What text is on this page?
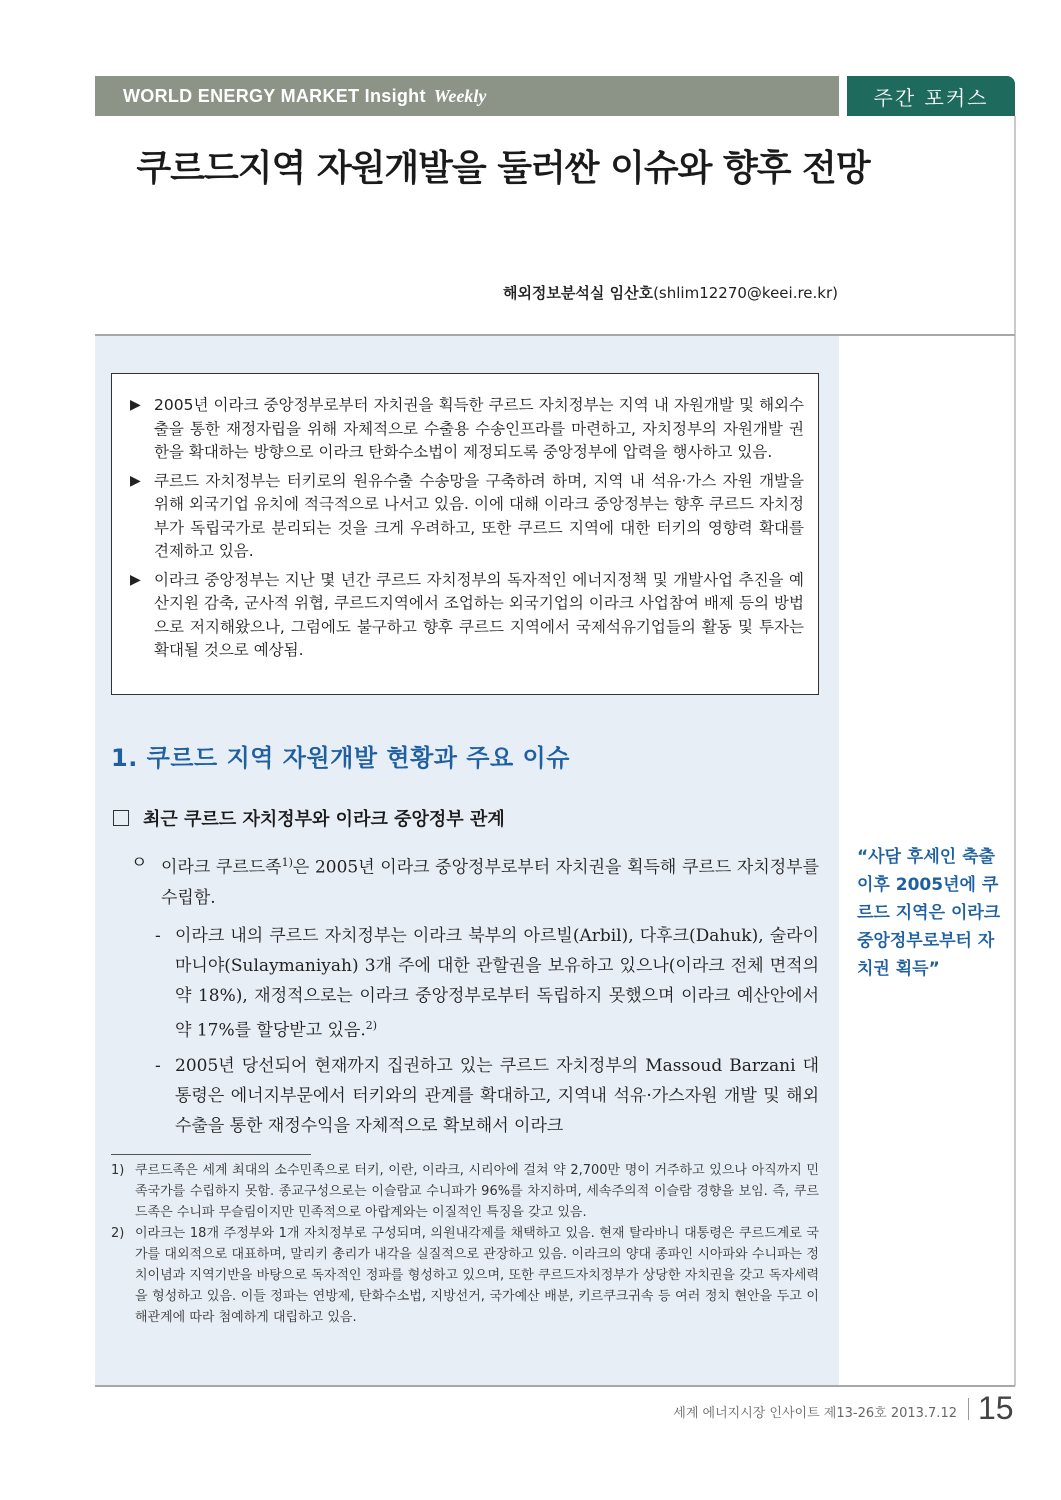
WORLD ENERGY MARKET Insight Weekly	주간 포커스
쿠르드지역 자원개발을 둘러싼 이슈와 향후 전망
해외정보분석실 임산호(shlim12270@keei.re.kr)
▶ 2005년 이라크 중앙정부로부터 자치권을 획득한 쿠르드 자치정부는 지역 내 자원개발 및 해외수출을 통한 재정자립을 위해 자체적으로 수출용 수송인프라를 마련하고, 자치정부의 자원개발 권한을 확대하는 방향으로 이라크 탄화수소법이 제정되도록 중앙정부에 압력을 행사하고 있음.
▶ 쿠르드 자치정부는 터키로의 원유수출 수송망을 구축하려 하며, 지역 내 석유·가스 자원 개발을 위해 외국기업 유치에 적극적으로 나서고 있음. 이에 대해 이라크 중앙정부는 향후 쿠르드 자치정부가 독립국가로 분리되는 것을 크게 우려하고, 또한 쿠르드 지역에 대한 터키의 영향력 확대를 견제하고 있음.
▶ 이라크 중앙정부는 지난 몇 년간 쿠르드 자치정부의 독자적인 에너지정책 및 개발사업 추진을 예산지원 감축, 군사적 위협, 쿠르드지역에서 조업하는 외국기업의 이라크 사업참여 배제 등의 방법으로 저지해왔으나, 그럼에도 불구하고 향후 쿠르드 지역에서 국제석유기업들의 활동 및 투자는 확대될 것으로 예상됨.
1. 쿠르드 지역 자원개발 현황과 주요 이슈
최근 쿠르드 자치정부와 이라크 중앙정부 관계
ㅇ 이라크 쿠르드족$^{1)}$은 2005년 이라크 중앙정부로부터 자치권을 획득해 쿠르드 자치정부를 수립함.
- 이라크 내의 쿠르드 자치정부는 이라크 북부의 아르빌(Arbil), 다후크(Dahuk), 술라이마니야(Sulaymaniyah) 3개 주에 대한 관할권을 보유하고 있으나(이라크 전체 면적의 약 18%), 재정적으로는 이라크 중앙정부로부터 독립하지 못했으며 이라크 예산안에서 약 17%를 할당받고 있음.$^{2)}$
- 2005년 당선되어 현재까지 집권하고 있는 쿠르드 자치정부의 Massoud Barzani 대통령은 에너지부문에서 터키와의 관계를 확대하고, 지역내 석유·가스자원 개발 및 해외수출을 통한 재정수익을 자체적으로 확보해서 이라크
1) 쿠르드족은 세계 최대의 소수민족으로 터키, 이란, 이라크, 시리아에 걸쳐 약 2,700만 명이 거주하고 있으나 아직까지 민족국가를 수립하지 못함. 종교구성으로는 이슬람교 수니파가 96%를 차지하며, 세속주의적 이슬람 경향을 보임. 즉, 쿠르드족은 수니파 무슬림이지만 민족적으로 아랍계와는 이질적인 특징을 갖고 있음.
2) 이라크는 18개 주정부와 1개 자치정부로 구성되며, 의원내각제를 채택하고 있음. 현재 탈라바니 대통령은 쿠르드계로 국가를 대외적으로 대표하며, 말리키 총리가 내각을 실질적으로 관장하고 있음. 이라크의 양대 종파인 시아파와 수니파는 정치이념과 지역기반을 바탕으로 독자적인 정파를 형성하고 있으며, 또한 쿠르드자치정부가 상당한 자치권을 갖고 독자세력을 형성하고 있음. 이들 정파는 연방제, 탄화수소법, 지방선거, 국가예산 배분, 키르쿠크귀속 등 여러 정치 현안을 두고 이해관계에 따라 첨예하게 대립하고 있음.
“사담 후세인 축출 이후 2005년에 쿠르드 지역은 이라크 중앙정부로부터 자치권 획득”
세계 에너지시장 인사이트 제13-26호 2013.7.12 15
